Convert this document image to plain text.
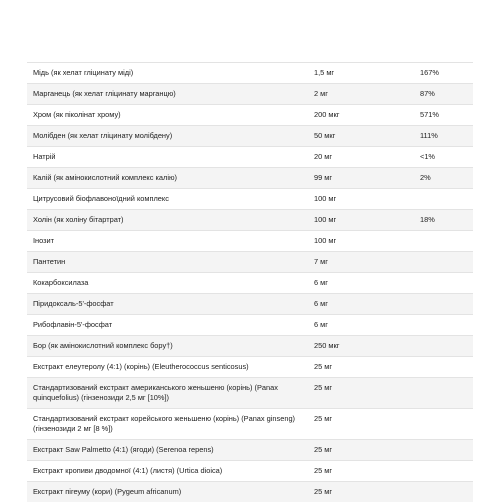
Мідь (як хелат гліцинату міді)	1,5 мг	167%
Марганець (як хелат гліцинату марганцю)	2 мг	87%
Хром (як піколінат хрому)	200 мкг	571%
Молібден (як хелат гліцинату молібдену)	50 мкг	111%
Натрій	20 мг	<1%
Калій (як амінокислотний комплекс калію)	99 мг	2%
Цитрусовий біофлавоноїдний комплекс	100 мг	
Холін (як холіну бітартрат)	100 мг	18%
Інозит	100 мг	
Пантетин	7 мг	
Кокарбоксилаза	6 мг	
Піридоксаль-5'-фосфат	6 мг	
Рибофлавін-5'-фосфат	6 мг	
Бор (як амінокислотний комплекс бору†)	250 мкг	
Екстракт елеутеролу (4:1) (корінь) (Eleutherococcus senticosus)	25 мг	
Стандартизований екстракт американського женьшеню (корінь) (Panax quinquefolius) (гінзенозиди 2,5 мг [10%])	25 мг	
Стандартизований екстракт корейського женьшеню (корінь) (Panax ginseng) (гінзенозиди 2 мг [8 %])	25 мг	
Екстракт Saw Palmetto (4:1) (ягоди) (Serenoa repens)	25 мг	
Екстракт кропиви дводомної (4:1) (листя) (Urtica dioica)	25 мг	
Екстракт пігеуму (кори) (Pygeum africanum)	25 мг	
